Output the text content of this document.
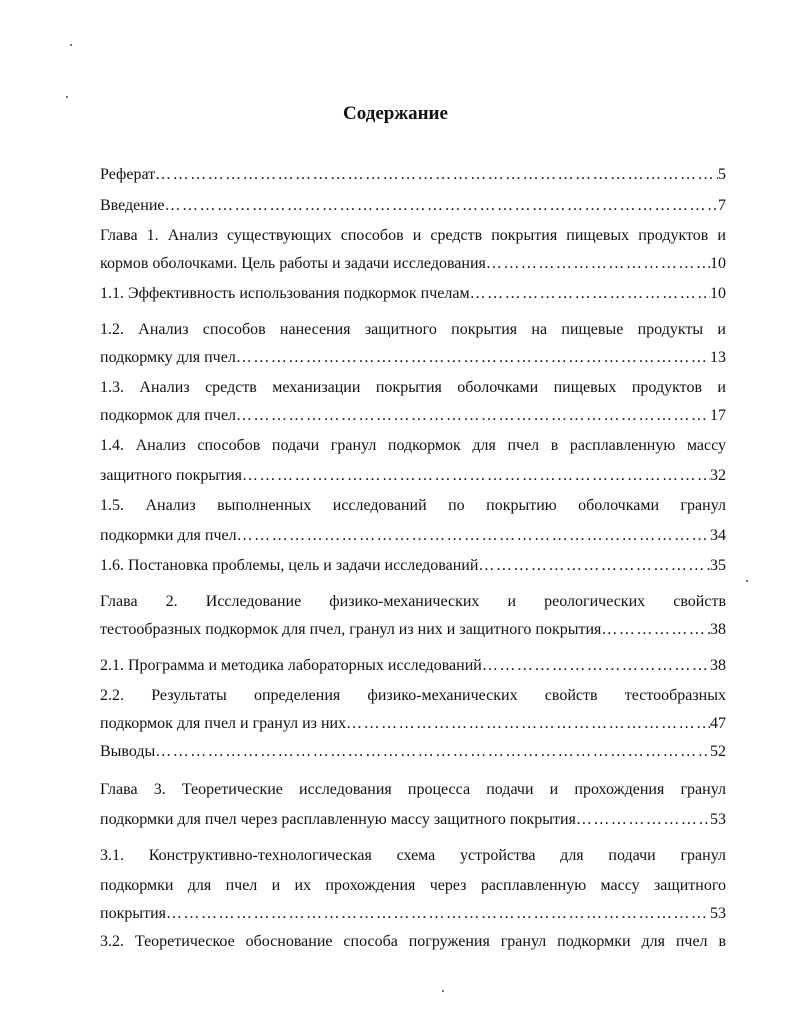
Содержание
Реферат ………………………………………………………………………………………………………………………………………………………………………………………………	5
Введение ………………………………………………………………………………………………………………………………………………………………………………………………	7
Глава 1. Анализ существующих способов и средств покрытия пищевых продуктов и
кормов оболочками. Цель работы и задачи исследования ………………………………………………………………………………………………………………………………………………………………………………………………	10
1.1. Эффективность использования подкормок пчелам ………………………………………………………………………………………………………………………………………………………………………………………………	10
1.2. Анализ способов нанесения защитного покрытия на пищевые продукты и
подкормку для пчел ………………………………………………………………………………………………………………………………………………………………………………………………	13
1.3. Анализ средств механизации покрытия оболочками пищевых продуктов и
подкормок для пчел ………………………………………………………………………………………………………………………………………………………………………………………………	17
1.4. Анализ способов подачи гранул подкормок для пчел в расплавленную массу
защитного покрытия ………………………………………………………………………………………………………………………………………………………………………………………………	32
1.5. Анализ выполненных исследований по покрытию оболочками гранул
подкормки для пчел ………………………………………………………………………………………………………………………………………………………………………………………………	34
1.6. Постановка проблемы, цель и задачи исследований ………………………………………………………………………………………………………………………………………………………………………………………………	35
Глава 2. Исследование физико-механических и реологических свойств
тестообразных подкормок для пчел, гранул из них и защитного покрытия ………………………………………………………………………………………………………………………………………………………………………………………………	38
2.1. Программа и методика лабораторных исследований ………………………………………………………………………………………………………………………………………………………………………………………………	38
2.2. Результаты определения физико-механических свойств тестообразных
подкормок для пчел и гранул из них ………………………………………………………………………………………………………………………………………………………………………………………………	47
Выводы ………………………………………………………………………………………………………………………………………………………………………………………………	52
Глава 3. Теоретические исследования процесса подачи и прохождения гранул
подкормки для пчел через расплавленную массу защитного покрытия ………………………………………………………………………………………………………………………………………………………………………………………………	53
3.1. Конструктивно-технологическая схема устройства для подачи гранул
подкормки для пчел и их прохождения через расплавленную массу защитного
покрытия ………………………………………………………………………………………………………………………………………………………………………………………………	53
3.2. Теоретическое обоснование способа погружения гранул подкормки для пчел в
